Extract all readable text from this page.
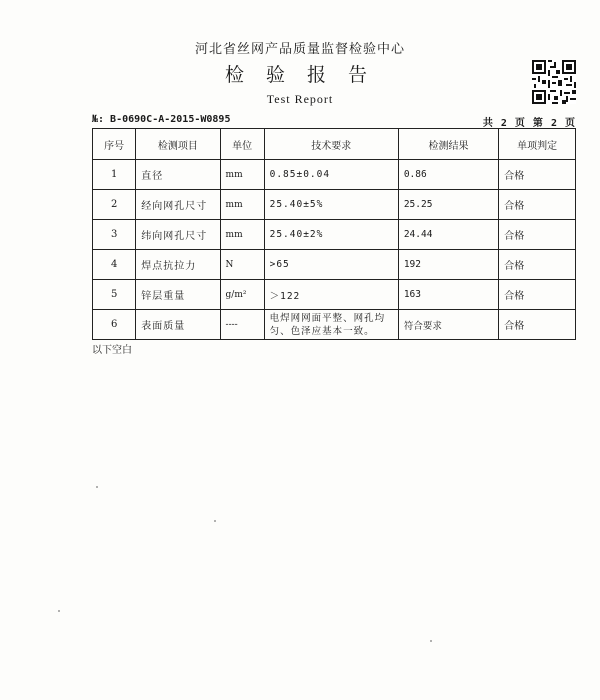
河北省丝网产品质量监督检验中心
检 验 报 告
Test Report
№: B-0690C-A-2015-W0895	共 2 页 第 2 页
序号	检测项目	单位	技术要求	检测结果	单项判定
1	直径	mm	0.85±0.04	0.86	合格
2	经向网孔尺寸	mm	25.40±5%	25.25	合格
3	纬向网孔尺寸	mm	25.40±2%	24.44	合格
4	焊点抗拉力	N	>65	192	合格
5	锌层重量	g/m²	＞122	163	合格
6	表面质量	----	电焊网网面平整、网孔均匀、色泽应基本一致。	符合要求	合格
以下空白
